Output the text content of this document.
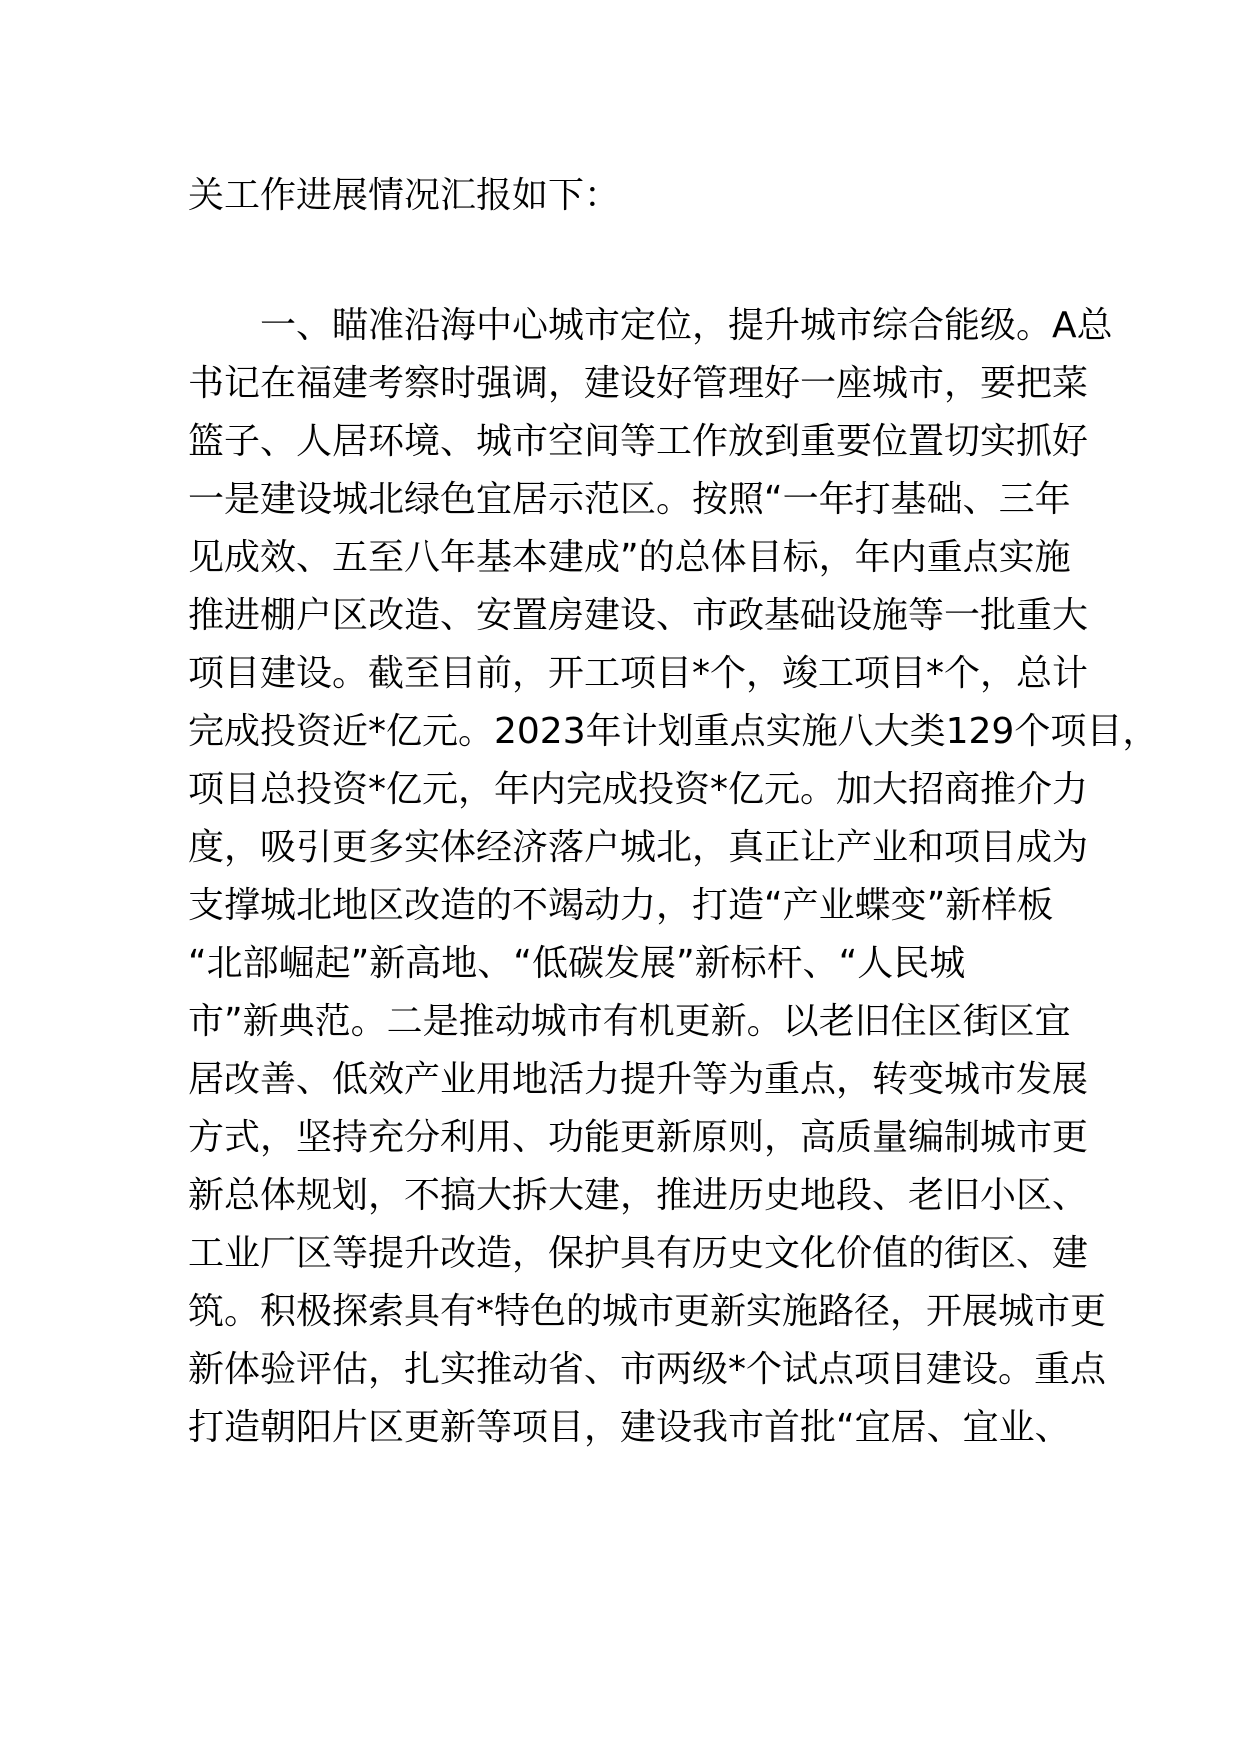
关工作进展情况汇报如下：
　　一、瞄准沿海中心城市定位，提升城市综合能级。A总
书记在福建考察时强调，建设好管理好一座城市，要把菜
篮子、人居环境、城市空间等工作放到重要位置切实抓好
一是建设城北绿色宜居示范区。按照“一年打基础、三年
见成效、五至八年基本建成”的总体目标，年内重点实施
推进棚户区改造、安置房建设、市政基础设施等一批重大
项目建设。截至目前，开工项目*个，竣工项目*个，总计
完成投资近*亿元。2023年计划重点实施八大类129个项目，
项目总投资*亿元，年内完成投资*亿元。加大招商推介力
度，吸引更多实体经济落户城北，真正让产业和项目成为
支撑城北地区改造的不竭动力，打造“产业蝶变”新样板
“北部崛起”新高地、“低碳发展”新标杆、“人民城
市”新典范。二是推动城市有机更新。以老旧住区街区宜
居改善、低效产业用地活力提升等为重点，转变城市发展
方式，坚持充分利用、功能更新原则，高质量编制城市更
新总体规划，不搞大拆大建，推进历史地段、老旧小区、
工业厂区等提升改造，保护具有历史文化价值的街区、建
筑。积极探索具有*特色的城市更新实施路径，开展城市更
新体验评估，扎实推动省、市两级*个试点项目建设。重点
打造朝阳片区更新等项目，建设我市首批“宜居、宜业、
